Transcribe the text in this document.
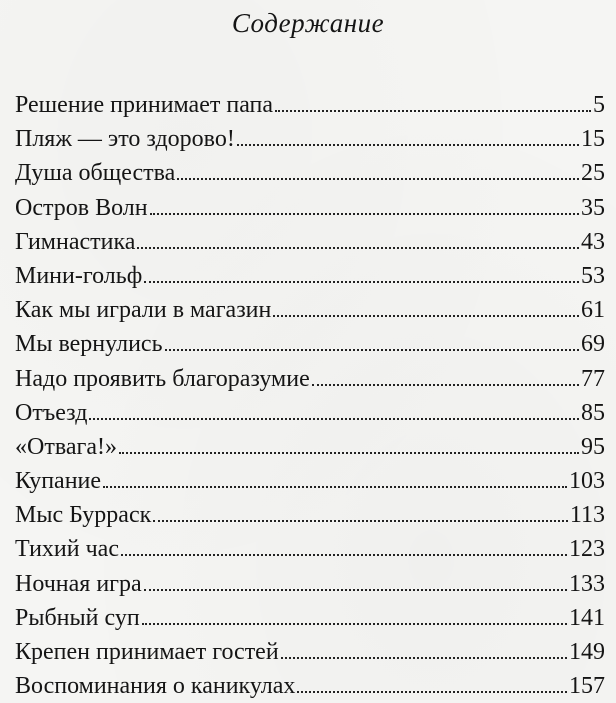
Содержание
Решение принимает папа	5
Пляж — это здорово!	15
Душа общества	25
Остров Волн	35
Гимнастика	43
Мини-гольф	53
Как мы играли в магазин	61
Мы вернулись	69
Надо проявить благоразумие	77
Отъезд	85
«Отвага!»	95
Купание	103
Мыс Бурраск	113
Тихий час	123
Ночная игра	133
Рыбный суп	141
Крепен принимает гостей	149
Воспоминания о каникулах	157
